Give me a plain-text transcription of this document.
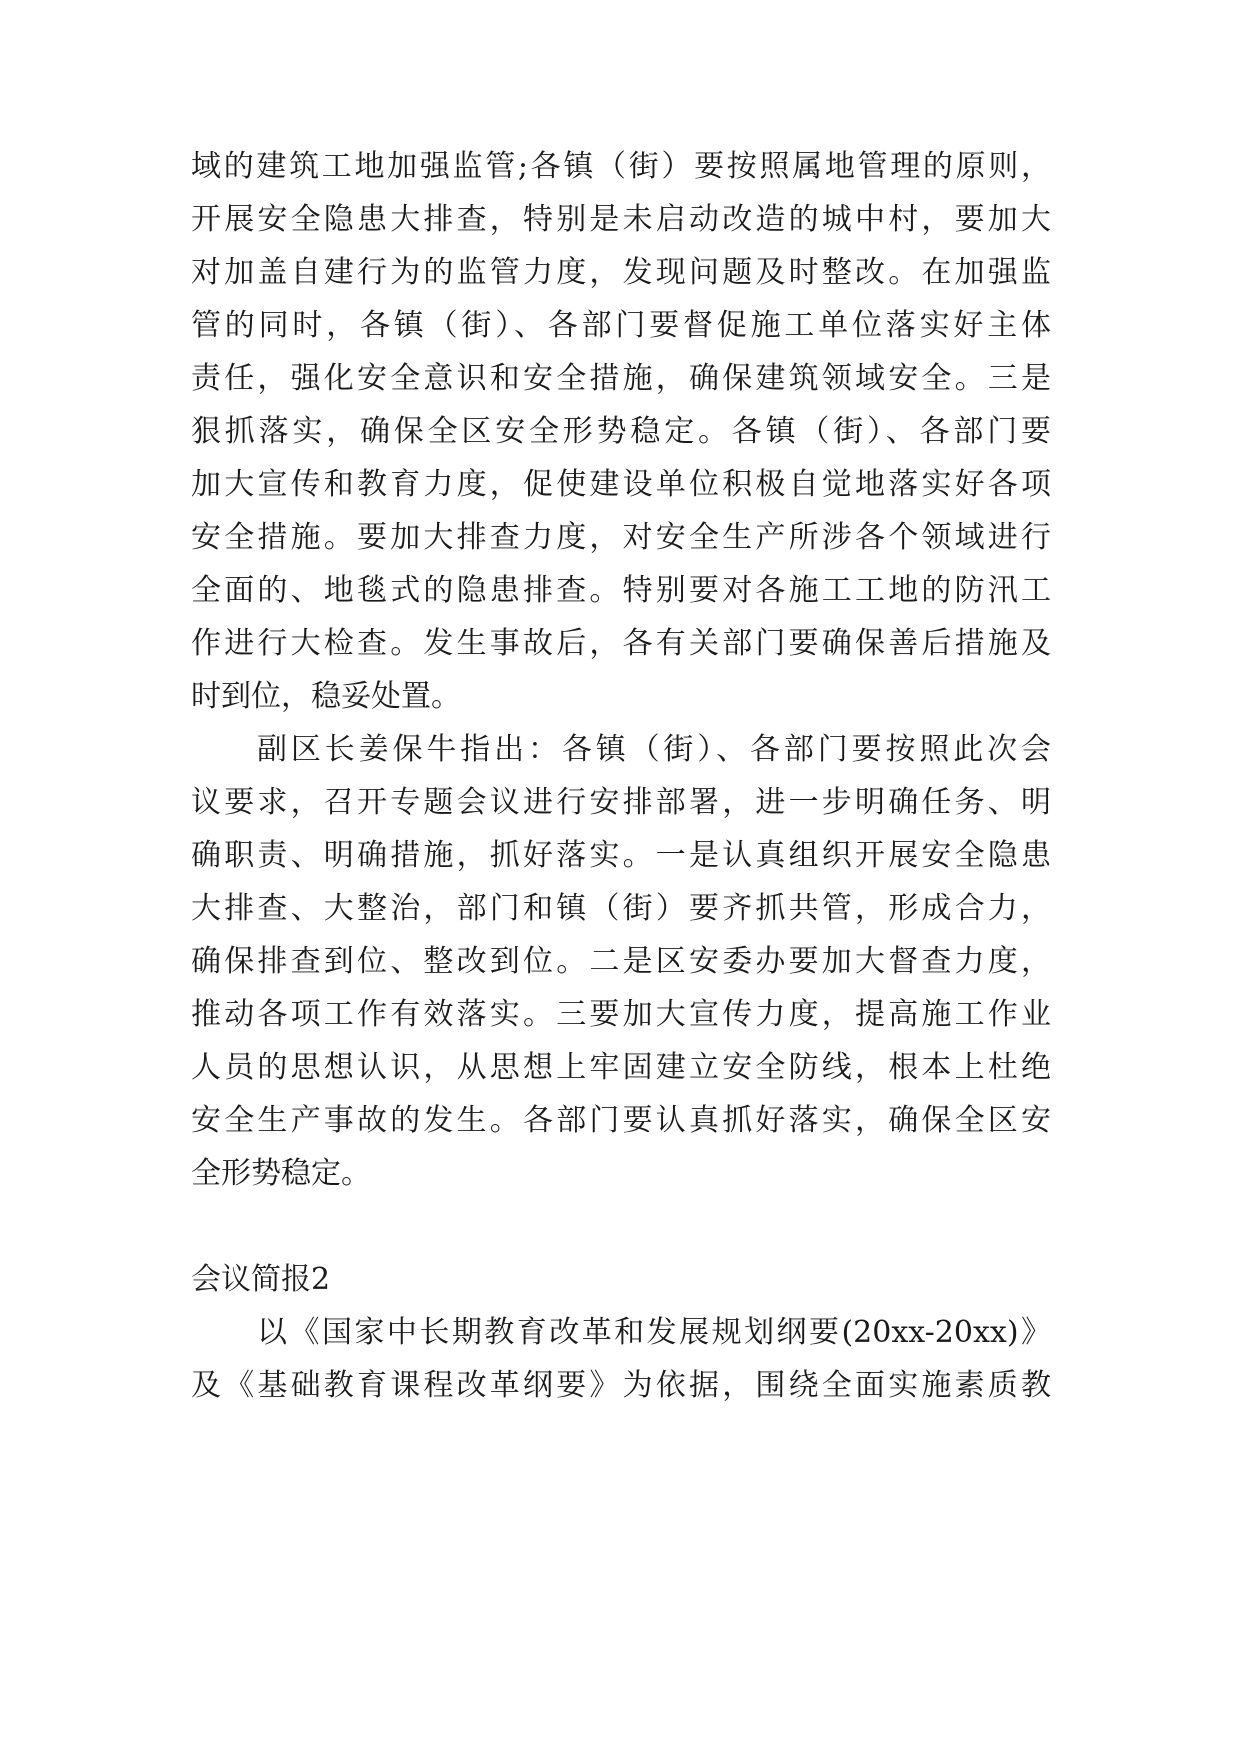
域的建筑工地加强监管;各镇（街）要按照属地管理的原则，
开展安全隐患大排查，特别是未启动改造的城中村，要加大
对加盖自建行为的监管力度，发现问题及时整改。在加强监
管的同时，各镇（街）、各部门要督促施工单位落实好主体
责任，强化安全意识和安全措施，确保建筑领域安全。三是
狠抓落实，确保全区安全形势稳定。各镇（街）、各部门要
加大宣传和教育力度，促使建设单位积极自觉地落实好各项
安全措施。要加大排查力度，对安全生产所涉各个领域进行
全面的、地毯式的隐患排查。特别要对各施工工地的防汛工
作进行大检查。发生事故后，各有关部门要确保善后措施及
时到位，稳妥处置。
副区长姜保牛指出：各镇（街）、各部门要按照此次会
议要求，召开专题会议进行安排部署，进一步明确任务、明
确职责、明确措施，抓好落实。一是认真组织开展安全隐患
大排查、大整治，部门和镇（街）要齐抓共管，形成合力，
确保排查到位、整改到位。二是区安委办要加大督查力度，
推动各项工作有效落实。三要加大宣传力度，提高施工作业
人员的思想认识，从思想上牢固建立安全防线，根本上杜绝
安全生产事故的发生。各部门要认真抓好落实，确保全区安
全形势稳定。
会议简报2
以《国家中长期教育改革和发展规划纲要(20xx-20xx)》
及《基础教育课程改革纲要》为依据，围绕全面实施素质教
